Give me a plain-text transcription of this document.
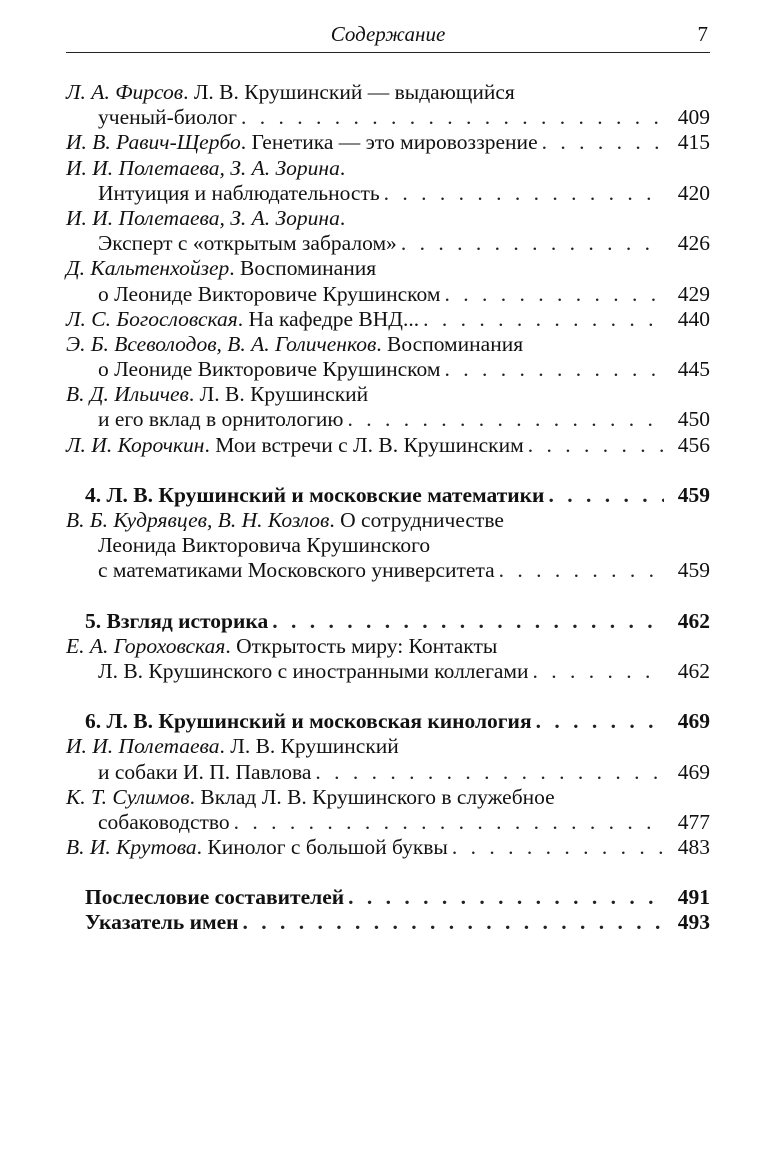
Содержание	7
Л. А. Фирсов. Л. В. Крушинский — выдающийся
ученый-биолог . . .	409
И. В. Равич-Щербо. Генетика — это мировоззрение . . .	415
И. И. Полетаева, З. А. Зорина.
Интуиция и наблюдательность . . .	420
И. И. Полетаева, З. А. Зорина.
Эксперт с «открытым забралом» . . .	426
Д. Кальтенхойзер. Воспоминания
о Леониде Викторовиче Крушинском . . .	429
Л. С. Богословская. На кафедре ВНД... . . .	440
Э. Б. Всеволодов, В. А. Голиченков. Воспоминания
о Леониде Викторовиче Крушинском . . .	445
В. Д. Ильичев. Л. В. Крушинский
и его вклад в орнитологию . . .	450
Л. И. Корочкин. Мои встречи с Л. В. Крушинским . . .	456
4. Л. В. Крушинский и московские математики . . .	459
В. Б. Кудрявцев, В. Н. Козлов. О сотрудничестве
Леонида Викторовича Крушинского
с математиками Московского университета . . .	459
5. Взгляд историка . . .	462
Е. А. Гороховская. Открытость миру: Контакты
Л. В. Крушинского с иностранными коллегами . . .	462
6. Л. В. Крушинский и московская кинология . . .	469
И. И. Полетаева. Л. В. Крушинский
и собаки И. П. Павлова . . .	469
К. Т. Сулимов. Вклад Л. В. Крушинского в служебное
собаководство . . .	477
В. И. Крутова. Кинолог с большой буквы . . .	483
Послесловие составителей . . .	491
Указатель имен . . .	493
